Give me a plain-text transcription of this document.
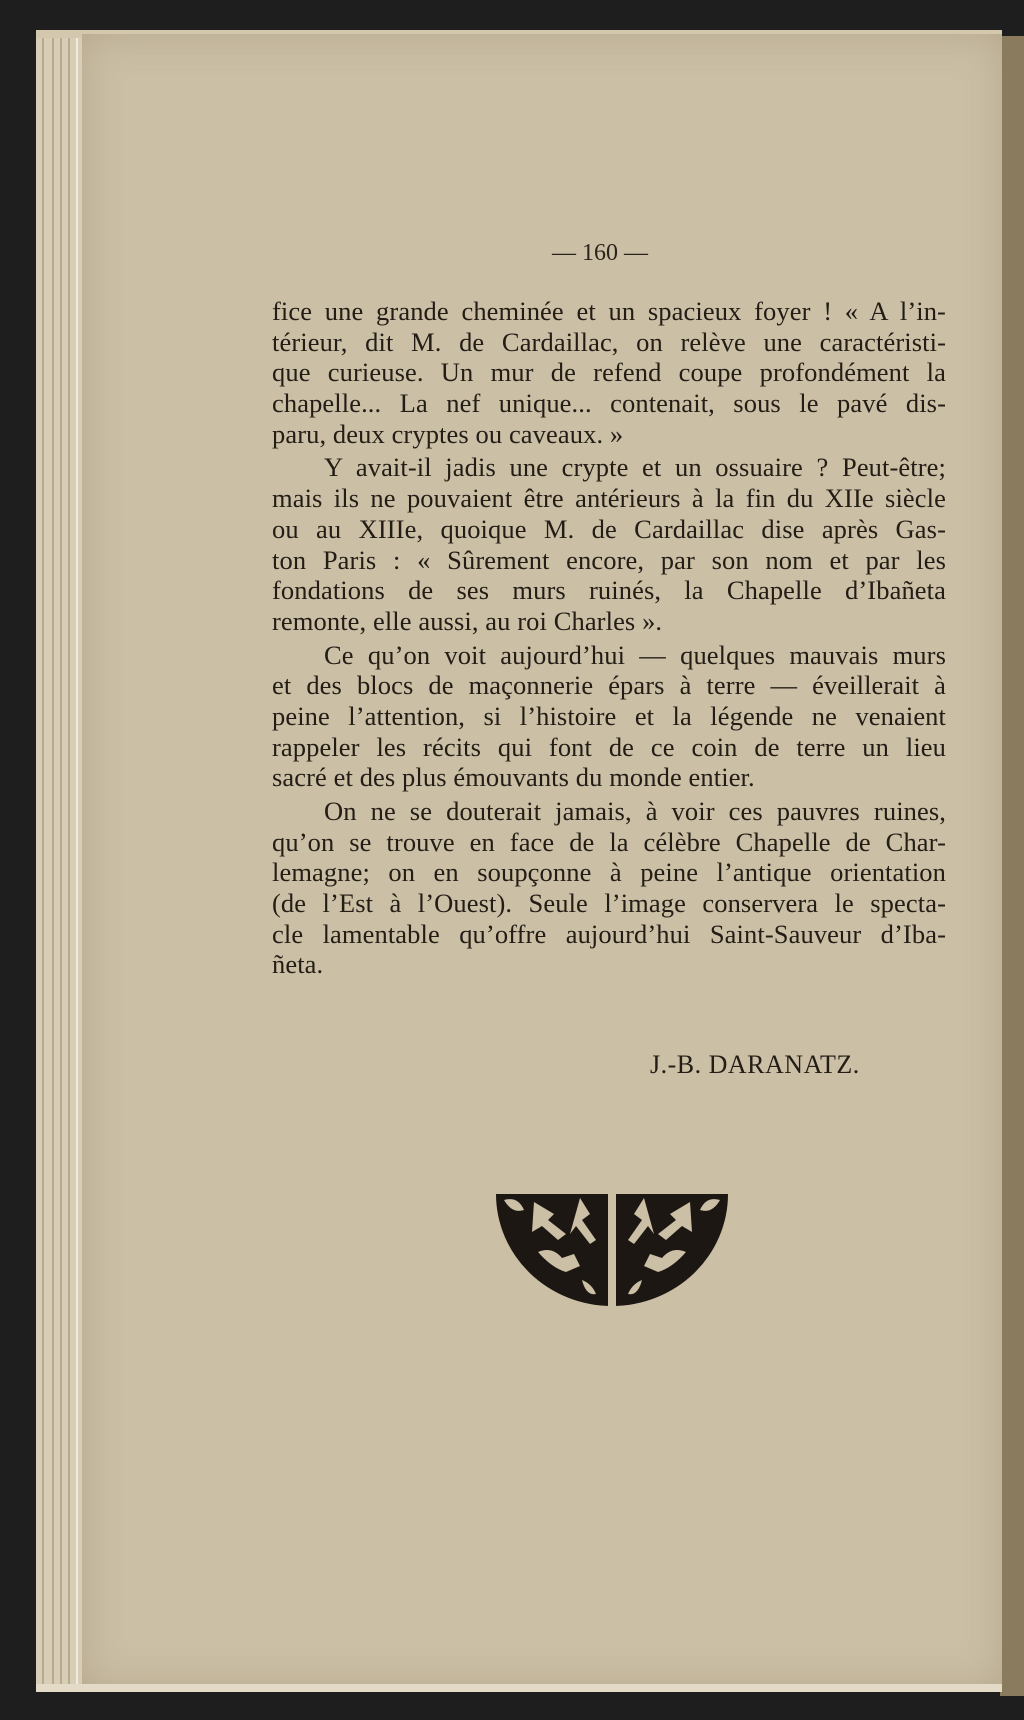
— 160 —
fice une grande cheminée et un spacieux foyer ! « A l’in-
térieur, dit M. de Cardaillac, on relève une caractéristi-
que curieuse. Un mur de refend coupe profondément la
chapelle... La nef unique... contenait, sous le pavé dis-
paru, deux cryptes ou caveaux. »
Y avait-il jadis une crypte et un ossuaire ? Peut-être;
mais ils ne pouvaient être antérieurs à la fin du XIIe siècle
ou au XIIIe, quoique M. de Cardaillac dise après Gas-
ton Paris : « Sûrement encore, par son nom et par les
fondations de ses murs ruinés, la Chapelle d’Ibañeta
remonte, elle aussi, au roi Charles ».
Ce qu’on voit aujourd’hui — quelques mauvais murs
et des blocs de maçonnerie épars à terre — éveillerait à
peine l’attention, si l’histoire et la légende ne venaient
rappeler les récits qui font de ce coin de terre un lieu
sacré et des plus émouvants du monde entier.
On ne se douterait jamais, à voir ces pauvres ruines,
qu’on se trouve en face de la célèbre Chapelle de Char-
lemagne; on en soupçonne à peine l’antique orientation
(de l’Est à l’Ouest). Seule l’image conservera le specta-
cle lamentable qu’offre aujourd’hui Saint-Sauveur d’Iba-
ñeta.
J.-B. DARANATZ.
